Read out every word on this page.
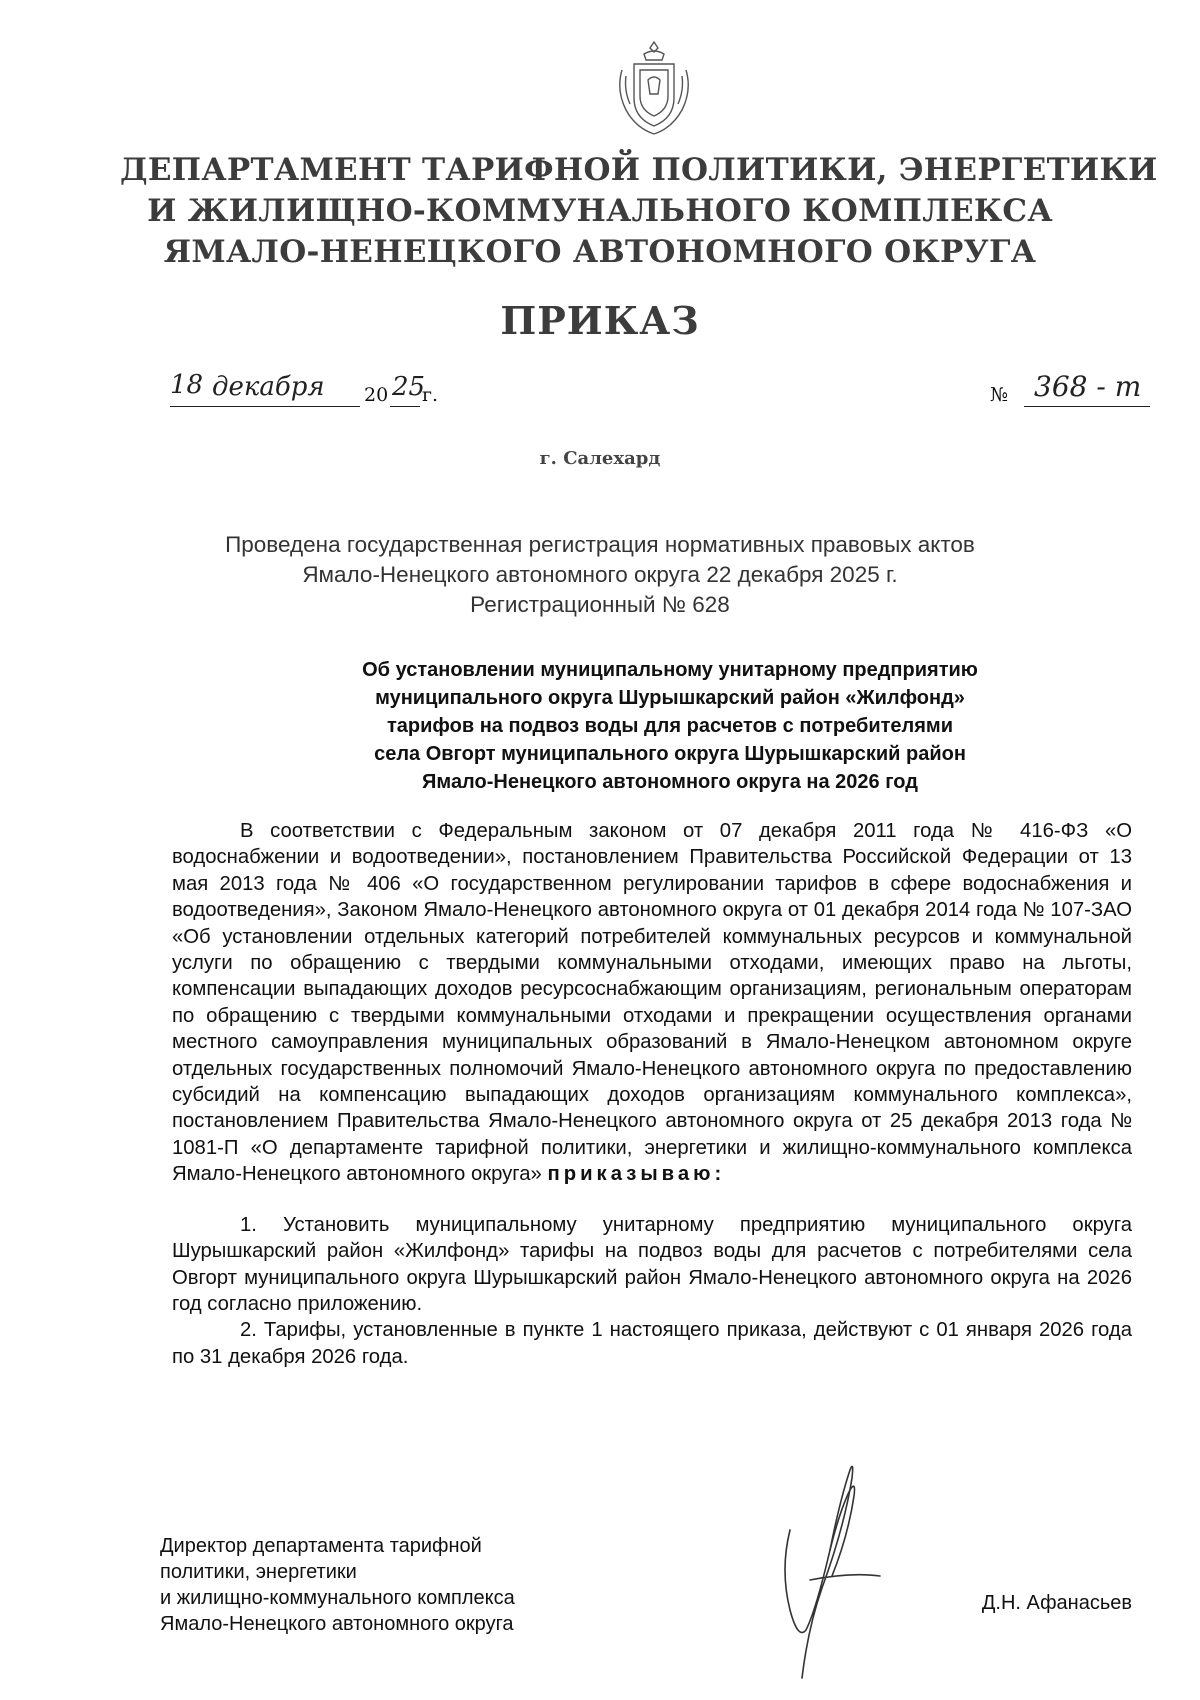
ДЕПАРТАМЕНТ ТАРИФНОЙ ПОЛИТИКИ, ЭНЕРГЕТИКИ
И ЖИЛИЩНО-КОММУНАЛЬНОГО КОМПЛЕКСА
ЯМАЛО-НЕНЕЦКОГО АВТОНОМНОГО ОКРУГА
ПРИКАЗ
18 декабря 20 25
г.	№ 368 - т
г. Салехард
Проведена государственная регистрация нормативных правовых актов
Ямало-Ненецкого автономного округа 22 декабря 2025 г.
Регистрационный № 628
Об установлении муниципальному унитарному предприятию
муниципального округа Шурышкарский район «Жилфонд»
тарифов на подвоз воды для расчетов с потребителями
села Овгорт муниципального округа Шурышкарский район
Ямало-Ненецкого автономного округа на 2026 год

В соответствии с Федеральным законом от 07 декабря 2011 года № 416-ФЗ «О водоснабжении и водоотведении», постановлением Правительства Российской Федерации от 13 мая 2013 года № 406 «О государственном регулировании тарифов в сфере водоснабжения и водоотведения», Законом Ямало-Ненецкого автономного округа от 01 декабря 2014 года № 107-ЗАО «Об установлении отдельных категорий потребителей коммунальных ресурсов и коммунальной услуги по обращению с твердыми коммунальными отходами, имеющих право на льготы, компенсации выпадающих доходов ресурсоснабжающим организациям, региональным операторам по обращению с твердыми коммунальными отходами и прекращении осуществления органами местного самоуправления муниципальных образований в Ямало-Ненецком автономном округе отдельных государственных полномочий Ямало-Ненецкого автономного округа по предоставлению субсидий на компенсацию выпадающих доходов организациям коммунального комплекса», постановлением Правительства Ямало-Ненецкого автономного округа от 25 декабря 2013 года № 1081-П «О департаменте тарифной политики, энергетики и жилищно-коммунального комплекса Ямало-Ненецкого автономного округа» приказываю:

1. Установить муниципальному унитарному предприятию муниципального округа Шурышкарский район «Жилфонд» тарифы на подвоз воды для расчетов с потребителями села Овгорт муниципального округа Шурышкарский район Ямало-Ненецкого автономного округа на 2026 год согласно приложению.

2. Тарифы, установленные в пункте 1 настоящего приказа, действуют с 01 января 2026 года по 31 декабря 2026 года.

Директор департамента тарифной
политики, энергетики
и жилищно-коммунального комплекса
Ямало-Ненецкого автономного округа
Д.Н. Афанасьев
